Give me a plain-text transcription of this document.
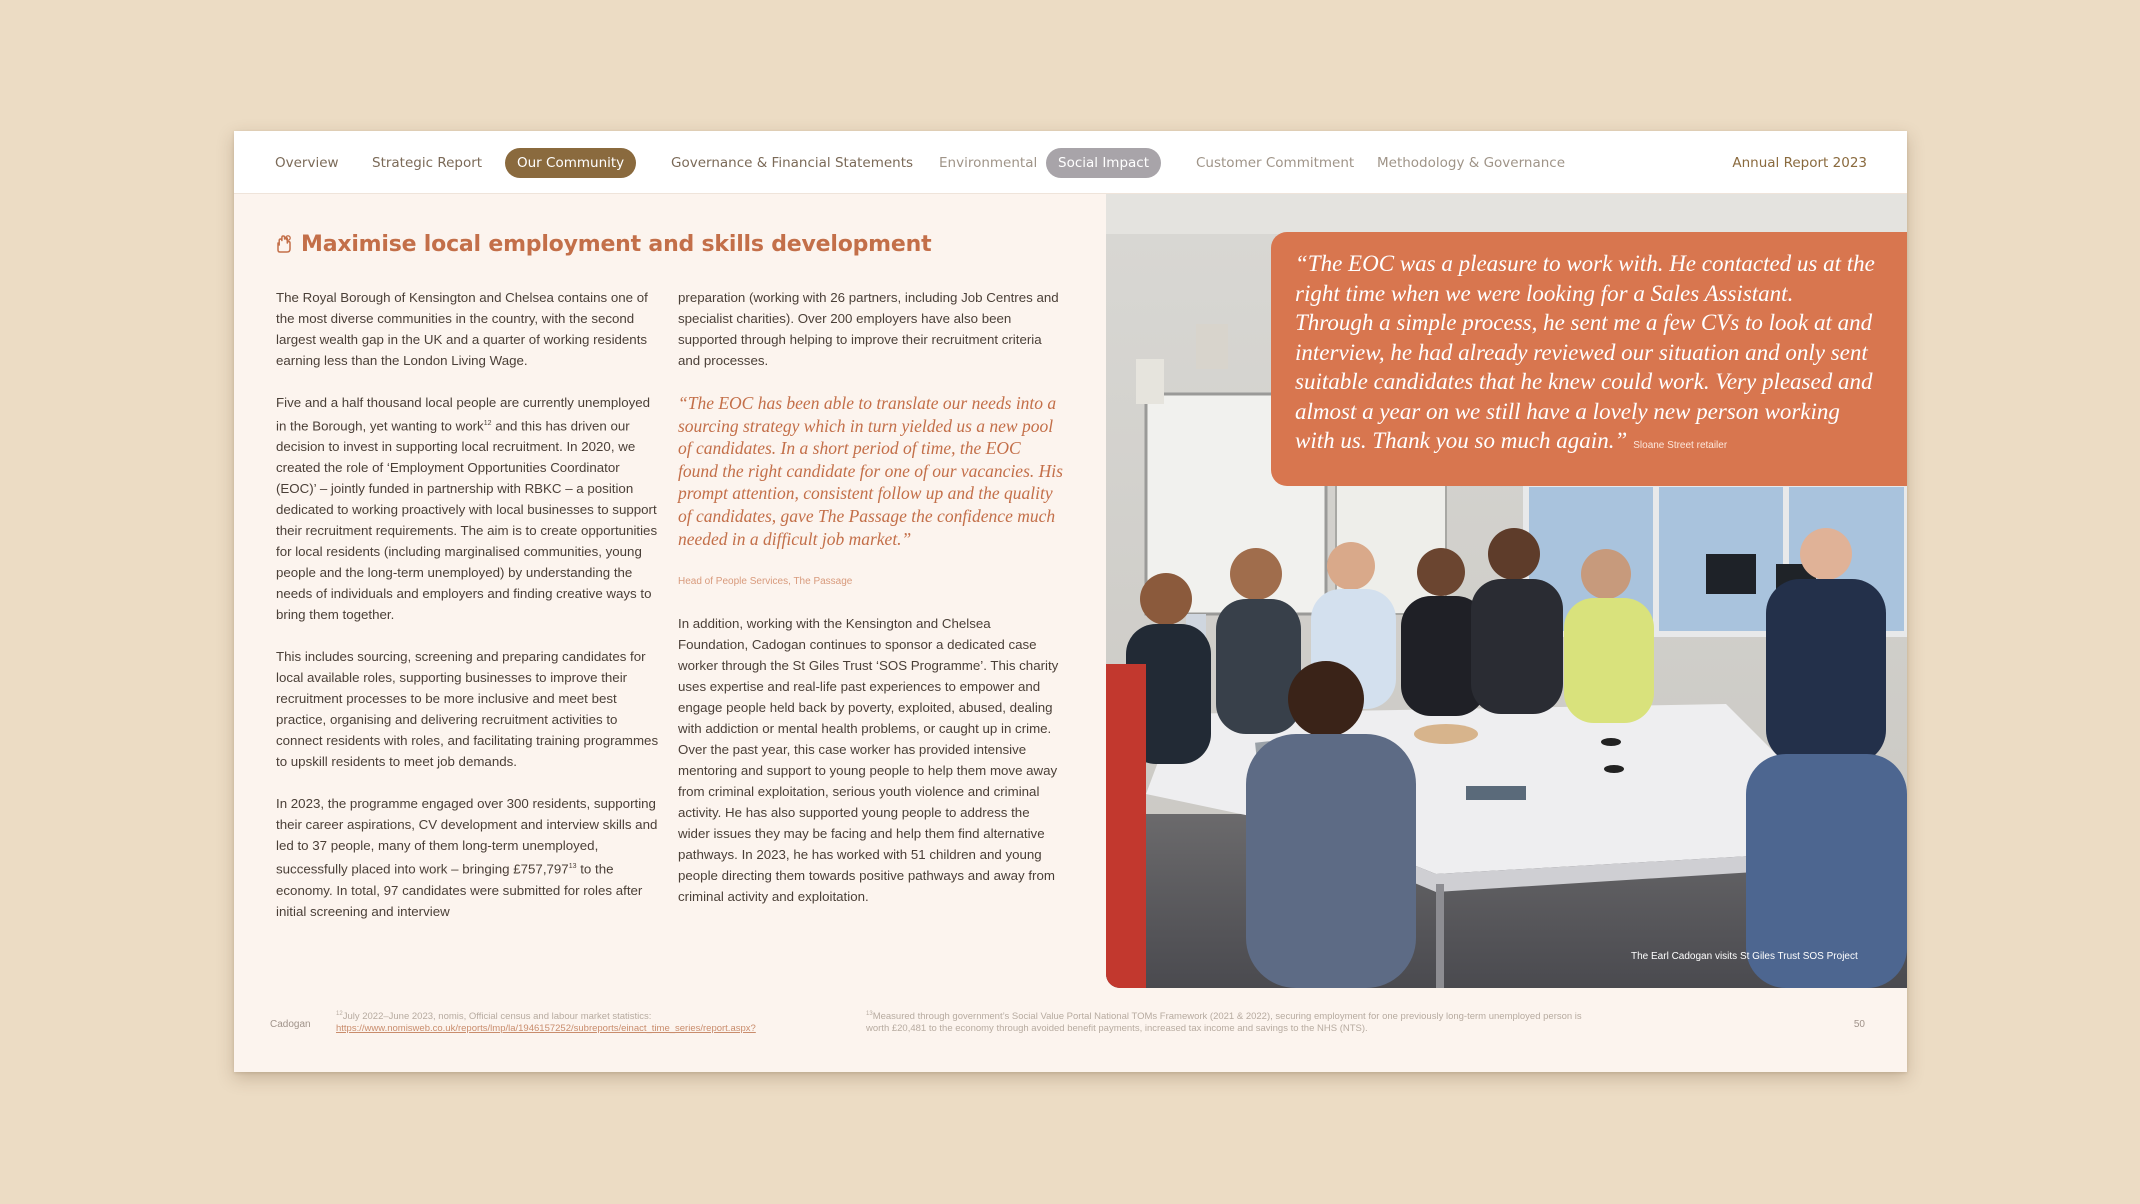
Overview	Strategic Report	Our Community	Governance & Financial Statements	Environmental	Social Impact	Customer Commitment	Methodology & Governance	Annual Report 2023
Maximise local employment and skills development

The Royal Borough of Kensington and Chelsea contains one of the most diverse communities in the country, with the second largest wealth gap in the UK and a quarter of working residents earning less than the London Living Wage.

Five and a half thousand local people are currently unemployed in the Borough, yet wanting to work$^{12}$ and this has driven our decision to invest in supporting local recruitment. In 2020, we created the role of ‘Employment Opportunities Coordinator (EOC)’ – jointly funded in partnership with RBKC – a position dedicated to working proactively with local businesses to support their recruitment requirements. The aim is to create opportunities for local residents (including marginalised communities, young people and the long-term unemployed) by understanding the needs of individuals and employers and finding creative ways to bring them together.

This includes sourcing, screening and preparing candidates for local available roles, supporting businesses to improve their recruitment processes to be more inclusive and meet best practice, organising and delivering recruitment activities to connect residents with roles, and facilitating training programmes to upskill residents to meet job demands.

In 2023, the programme engaged over 300 residents, supporting their career aspirations, CV development and interview skills and led to 37 people, many of them long-term unemployed, successfully placed into work – bringing £757,797$^{13}$ to the economy. In total, 97 candidates were submitted for roles after initial screening and interview

preparation (working with 26 partners, including Job Centres and specialist charities). Over 200 employers have also been supported through helping to improve their recruitment criteria and processes.

“The EOC has been able to translate our needs into a sourcing strategy which in turn yielded us a new pool of candidates. In a short period of time, the EOC found the right candidate for one of our vacancies. His prompt attention, consistent follow up and the quality of candidates, gave The Passage the confidence much needed in a difficult job market.”

Head of People Services, The Passage

In addition, working with the Kensington and Chelsea Foundation, Cadogan continues to sponsor a dedicated case worker through the St Giles Trust ‘SOS Programme’. This charity uses expertise and real-life past experiences to empower and engage people held back by poverty, exploited, abused, dealing with addiction or mental health problems, or caught up in crime. Over the past year, this case worker has provided intensive mentoring and support to young people to help them move away from criminal exploitation, serious youth violence and criminal activity. He has also supported young people to address the wider issues they may be facing and help them find alternative pathways. In 2023, he has worked with 51 children and young people directing them towards positive pathways and away from criminal activity and exploitation.

“The EOC was a pleasure to work with. He contacted us at the right time when we were looking for a Sales Assistant. Through a simple process, he sent me a few CVs to look at and interview, he had already reviewed our situation and only sent suitable candidates that he knew could work. Very pleased and almost a year on we still have a lovely new person working with us. Thank you so much again.” Sloane Street retailer
The Earl Cadogan visits St Giles Trust SOS Project
Cadogan
$^{12}$July 2022–June 2023, nomis, Official census and labour market statistics:
https://www.nomisweb.co.uk/reports/lmp/la/1946157252/subreports/einact_time_series/report.aspx?
$^{13}$Measured through government’s Social Value Portal National TOMs Framework (2021 & 2022), securing employment for one previously long-term unemployed person is worth £20,481 to the economy through avoided benefit payments, increased tax income and savings to the NHS (NTS).	50
